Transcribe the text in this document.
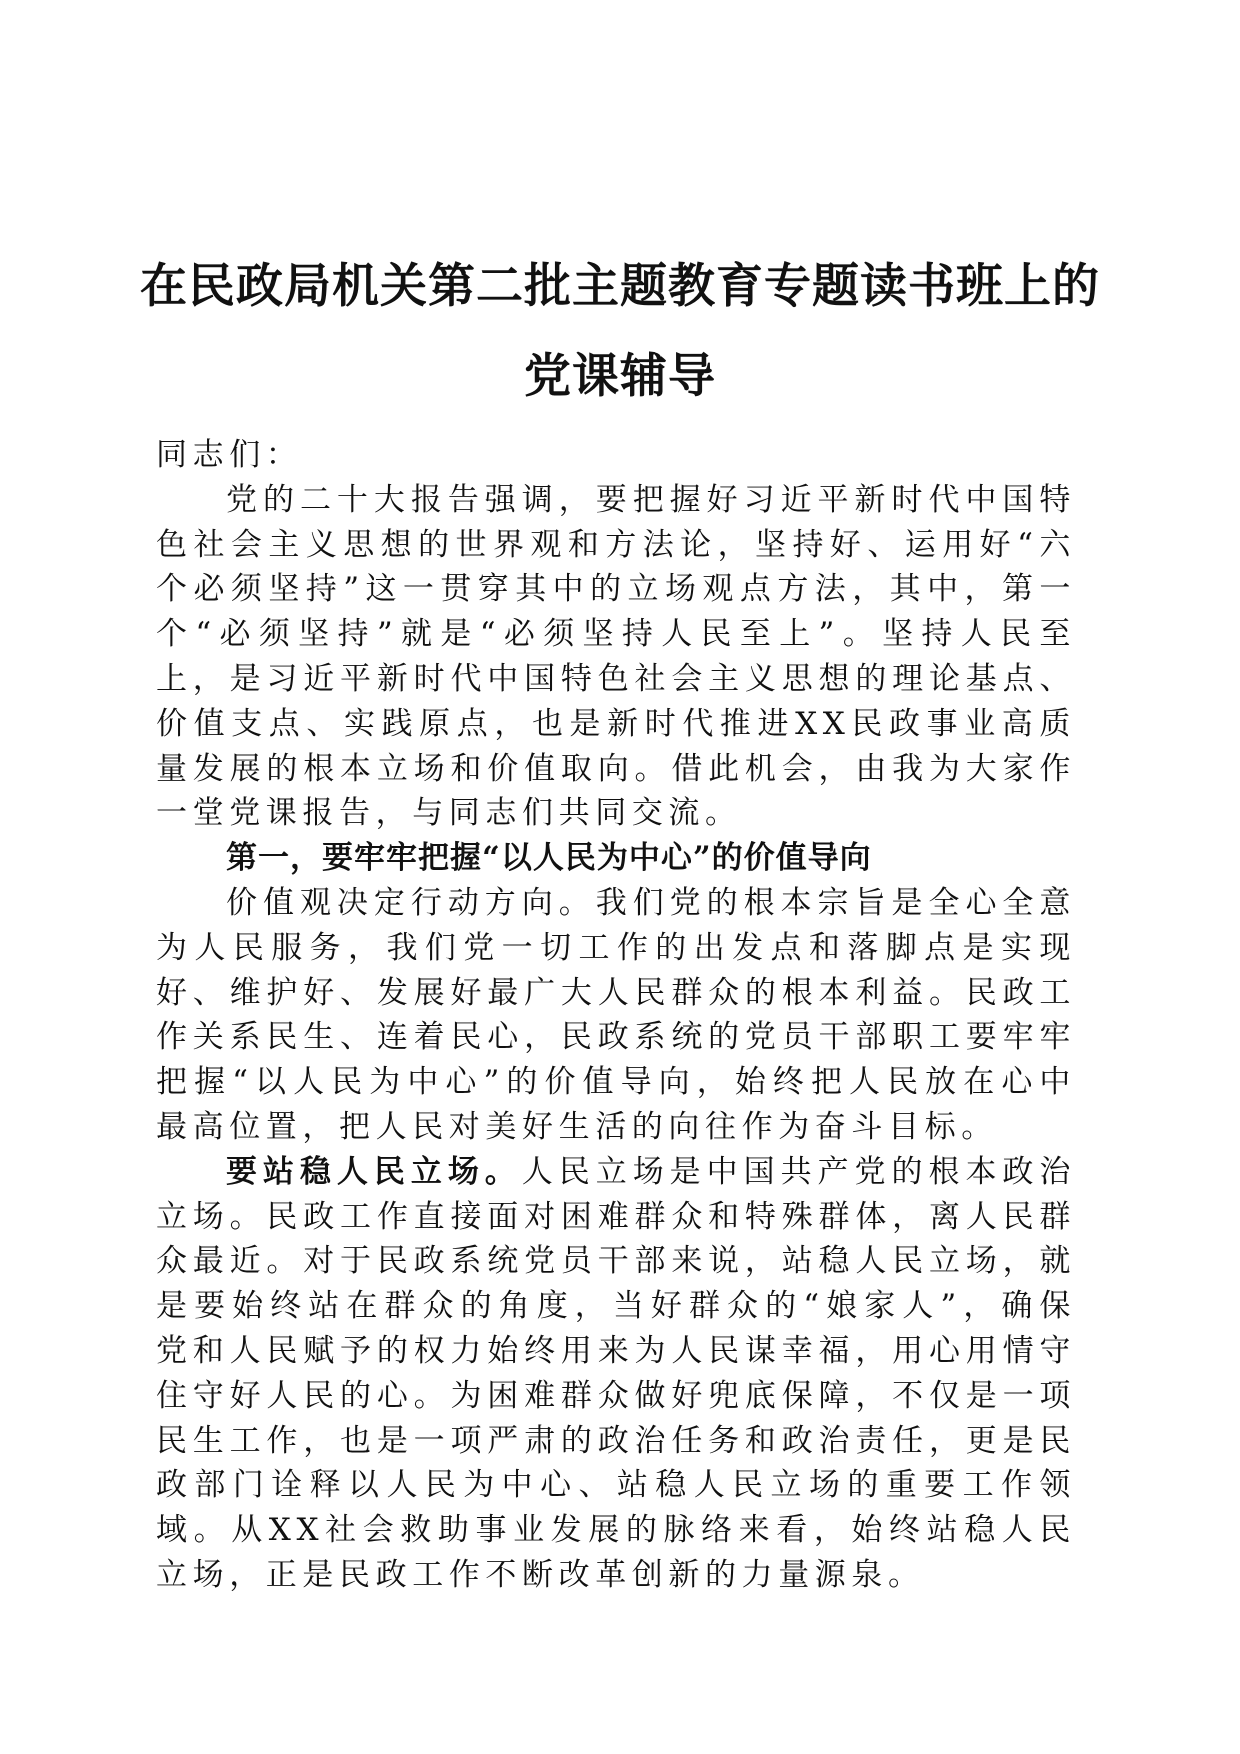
在民政局机关第二批主题教育专题读书班上的
党课辅导

同志们：

党的二十大报告强调，要把握好习近平新时代中国特色社会主义思想的世界观和方法论，坚持好、运用好“六个必须坚持”这一贯穿其中的立场观点方法，其中，第一个“必须坚持”就是“必须坚持人民至上”。坚持人民至上，是习近平新时代中国特色社会主义思想的理论基点、价值支点、实践原点，也是新时代推进XX民政事业高质量发展的根本立场和价值取向。借此机会，由我为大家作一堂党课报告，与同志们共同交流。

第一，要牢牢把握“以人民为中心”的价值导向

价值观决定行动方向。我们党的根本宗旨是全心全意为人民服务，我们党一切工作的出发点和落脚点是实现好、维护好、发展好最广大人民群众的根本利益。民政工作关系民生、连着民心，民政系统的党员干部职工要牢牢把握“以人民为中心”的价值导向，始终把人民放在心中最高位置，把人民对美好生活的向往作为奋斗目标。

要站稳人民立场。人民立场是中国共产党的根本政治立场。民政工作直接面对困难群众和特殊群体，离人民群众最近。对于民政系统党员干部来说，站稳人民立场，就是要始终站在群众的角度，当好群众的“娘家人”，确保党和人民赋予的权力始终用来为人民谋幸福，用心用情守住守好人民的心。为困难群众做好兜底保障，不仅是一项民生工作，也是一项严肃的政治任务和政治责任，更是民政部门诠释以人民为中心、站稳人民立场的重要工作领域。从XX社会救助事业发展的脉络来看，始终站稳人民立场，正是民政工作不断改革创新的力量源泉。
